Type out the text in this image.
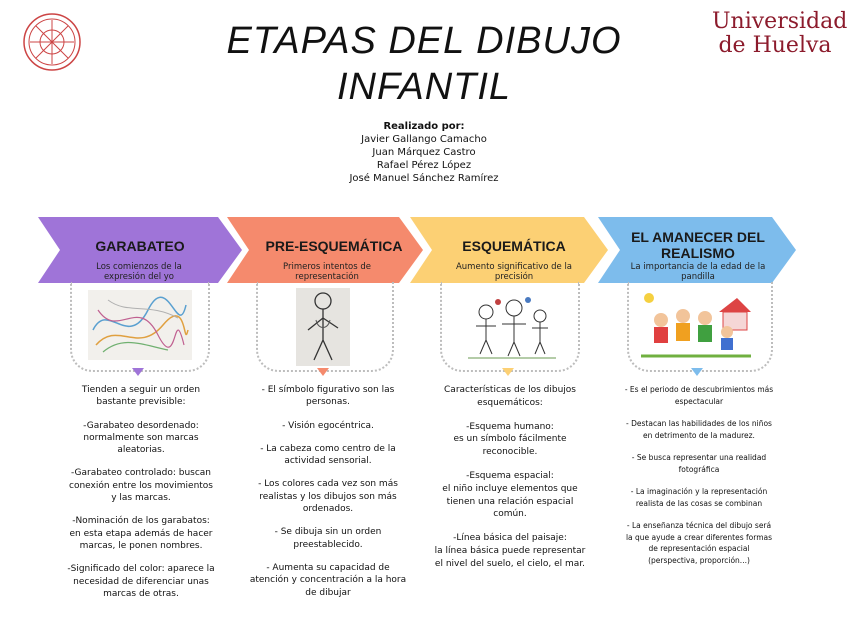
Universidad
de Huelva
ETAPAS DEL DIBUJO
INFANTIL
Realizado por:
Javier Gallango Camacho
Juan Márquez Castro
Rafael Pérez López
José Manuel Sánchez Ramírez
GARABATEO
Los comienzos de la expresión del yo
PRE-ESQUEMÁTICA
Primeros intentos de representación
ESQUEMÁTICA
Aumento significativo de la precisión
EL AMANECER DEL REALISMO
La importancia de la edad de la pandilla

Tienden a seguir un orden bastante previsible:

-Garabateo desordenado: normalmente son marcas aleatorias.

-Garabateo controlado: buscan conexión entre los movimientos y las marcas.

-Nominación de los garabatos: en esta etapa además de hacer marcas, le ponen nombres.

-Significado del color: aparece la necesidad de diferenciar unas marcas de otras.

- El símbolo figurativo son las personas.

- Visión egocéntrica.

- La cabeza como centro de la actividad sensorial.

- Los colores cada vez son más realistas y los dibujos son más ordenados.

- Se dibuja sin un orden preestablecido.

- Aumenta su capacidad de atención y concentración a la hora de dibujar

Características de los dibujos esquemáticos:

-Esquema humano:
es un símbolo fácilmente reconocible.

-Esquema espacial:
el niño incluye elementos que tienen una relación espacial común.

-Línea básica del paisaje:
la línea básica puede representar el nivel del suelo, el cielo, el mar.

- Es el periodo de descubrimientos más espectacular

- Destacan las habilidades de los niños en detrimento de la madurez.

- Se busca representar una realidad fotográfica

- La imaginación y la representación realista de las cosas se combinan

- La enseñanza técnica del dibujo será la que ayude a crear diferentes formas de representación espacial (perspectiva, proporción...)
